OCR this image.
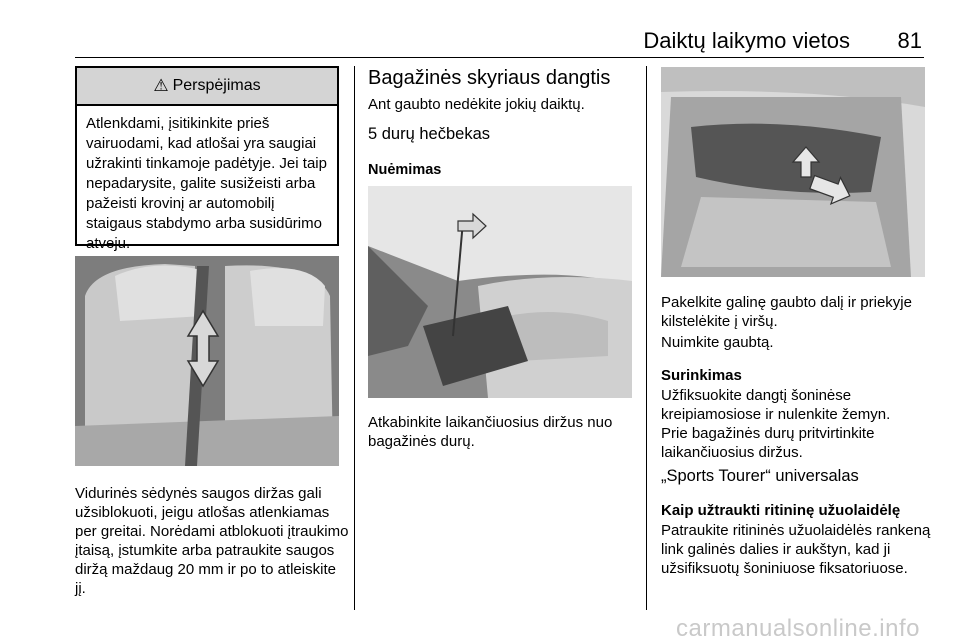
Daiktų laikymo vietos 81
⚠ Perspėjimas
Atlenkdami, įsitikinkite prieš vairuodami, kad atlošai yra saugiai užrakinti tinkamoje padėtyje. Jei taip nepadarysite, galite susižeisti arba pažeisti krovinį ar automobilį staigaus stabdymo arba susidūrimo atveju.
Vidurinės sėdynės saugos diržas gali užsiblokuoti, jeigu atlošas atlenkiamas per greitai. Norėdami atblokuoti įtraukimo įtaisą, įstumkite arba patraukite saugos diržą maždaug 20 mm ir po to atleiskite jį.
Bagažinės skyriaus dangtis
Ant gaubto nedėkite jokių daiktų.
5 durų hečbekas
Nuėmimas
Atkabinkite laikančiuosius diržus nuo bagažinės durų.
Pakelkite galinę gaubto dalį ir priekyje kilstelėkite į viršų.
Nuimkite gaubtą.
Surinkimas
Užfiksuokite dangtį šoninėse kreipiamosiose ir nulenkite žemyn. Prie bagažinės durų pritvirtinkite laikančiuosius diržus.
„Sports Tourer“ universalas
Kaip užtraukti ritininę užuolaidėlę
Patraukite ritininės užuolaidėlės rankeną link galinės dalies ir aukštyn, kad ji užsifiksuotų šoniniuose fiksatoriuose.
carmanualsonline.info
